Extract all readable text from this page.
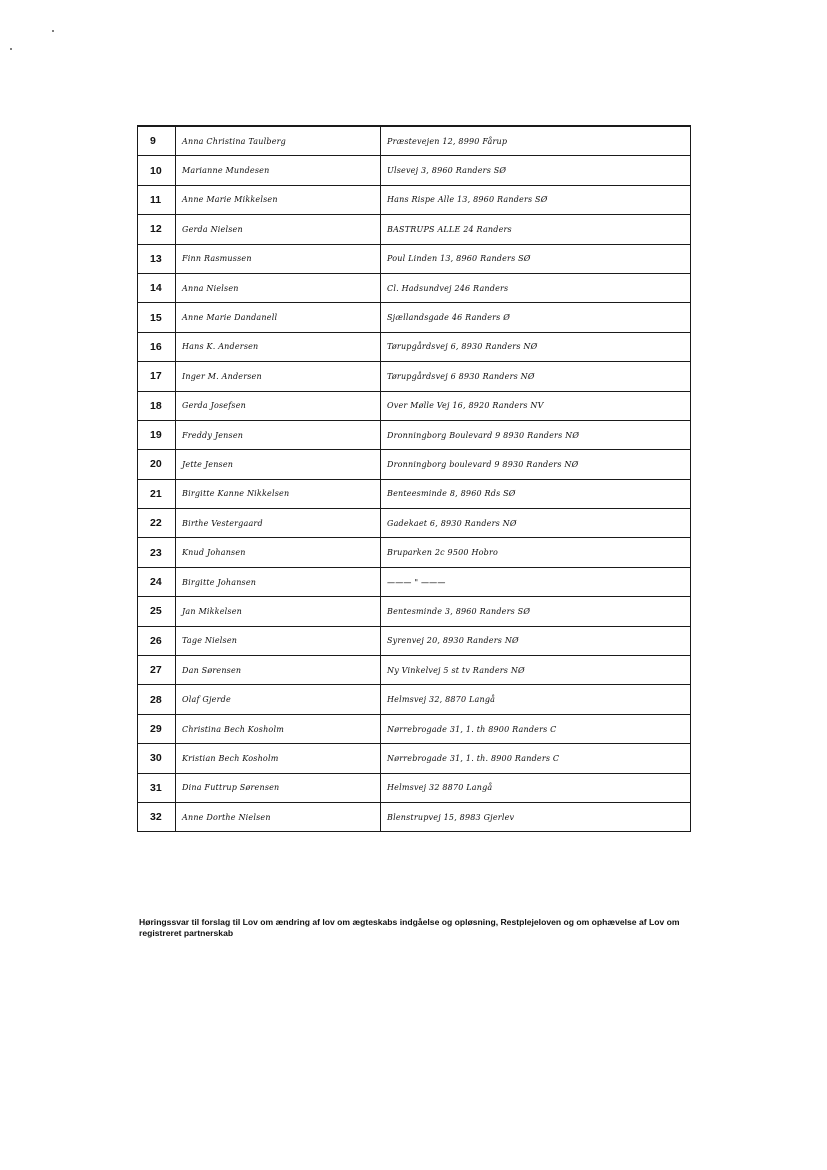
9	Anna Christina Taulberg	Præstevejen 12, 8990 Fårup

10	Marianne Mundesen	Ulsevej 3, 8960 Randers SØ

11	Anne Marie Mikkelsen	Hans Rispe Alle 13, 8960 Randers SØ

12	Gerda Nielsen	BASTRUPS ALLE 24 Randers

13	Finn Rasmussen	Poul Linden 13, 8960 Randers SØ

14	Anna Nielsen	Cl. Hadsundvej 246 Randers

15	Anne Marie Dandanell	Sjællandsgade 46 Randers Ø

16	Hans K. Andersen	Tørupgårdsvej 6, 8930 Randers NØ

17	Inger M. Andersen	Tørupgårdsvej 6 8930 Randers NØ

18	Gerda Josefsen	Over Mølle Vej 16, 8920 Randers NV

19	Freddy Jensen	Dronningborg Boulevard 9 8930 Randers NØ

20	Jette Jensen	Dronningborg boulevard 9 8930 Randers NØ

21	Birgitte Kanne Nikkelsen	Benteesminde 8, 8960 Rds SØ

22	Birthe Vestergaard	Gadekaet 6, 8930 Randers NØ

23	Knud Johansen	Bruparken 2c 9500 Hobro

24	Birgitte Johansen	——— " ———

25	Jan Mikkelsen	Bentesminde 3, 8960 Randers SØ

26	Tage Nielsen	Syrenvej 20, 8930 Randers NØ

27	Dan Sørensen	Ny Vinkelvej 5 st tv Randers NØ

28	Olaf Gjerde	Helmsvej 32, 8870 Langå

29	Christina Bech Kosholm	Nørrebrogade 31, 1. th 8900 Randers C

30	Kristian Bech Kosholm	Nørrebrogade 31, 1. th. 8900 Randers C

31	Dina Futtrup Sørensen	Helmsvej 32 8870 Langå

32	Anne Dorthe Nielsen	Blenstrupvej 15, 8983 Gjerlev
Høringssvar til forslag til Lov om ændring af lov om ægteskabs indgåelse og opløsning, Restplejeloven og om ophævelse af Lov om registreret partnerskab
